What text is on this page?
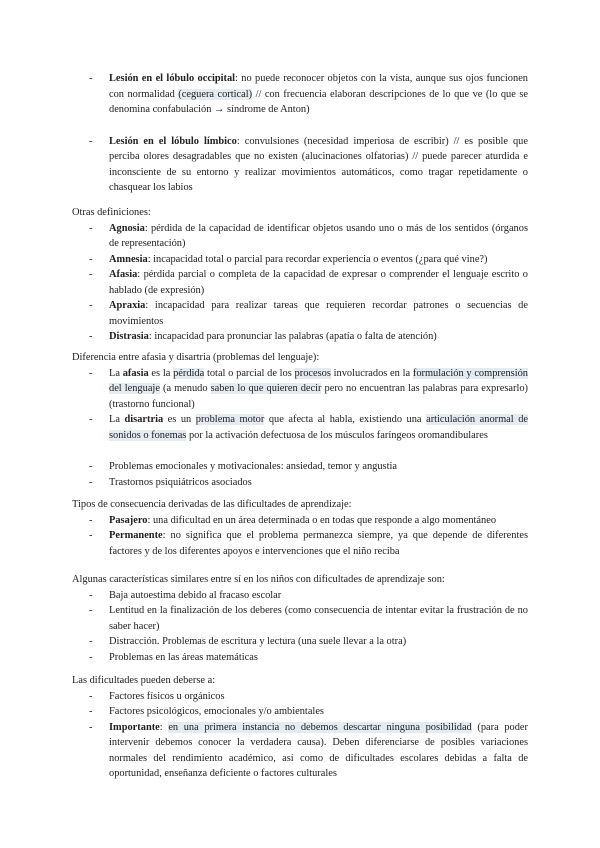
- Lesión en el lóbulo occipital: no puede reconocer objetos con la vista, aunque sus ojos funcionen con normalidad (ceguera cortical) // con frecuencia elaboran descripciones de lo que ve (lo que se denomina confabulación → síndrome de Anton)
- Lesión en el lóbulo límbico: convulsiones (necesidad imperiosa de escribir) // es posible que perciba olores desagradables que no existen (alucinaciones olfatorias) // puede parecer aturdida e inconsciente de su entorno y realizar movimientos automáticos, como tragar repetidamente o chasquear los labios

Otras definiciones:

- Agnosia: pérdida de la capacidad de identificar objetos usando uno o más de los sentidos (órganos de representación)
- Amnesia: incapacidad total o parcial para recordar experiencia o eventos (¿para qué vine?)
- Afasia: pérdida parcial o completa de la capacidad de expresar o comprender el lenguaje escrito o hablado (de expresión)
- Apraxia: incapacidad para realizar tareas que requieren recordar patrones o secuencias de movimientos
- Distrasia: incapacidad para pronunciar las palabras (apatía o falta de atención)

Diferencia entre afasia y disartria (problemas del lenguaje):

- La afasia es la pérdida total o parcial de los procesos involucrados en la formulación y comprensión del lenguaje (a menudo saben lo que quieren decir pero no encuentran las palabras para expresarlo) (trastorno funcional)
- La disartria es un problema motor que afecta al habla, existiendo una articulación anormal de sonidos o fonemas por la activación defectuosa de los músculos faríngeos oromandibulares
- Problemas emocionales y motivacionales: ansiedad, temor y angustia
- Trastornos psiquiátricos asociados

Tipos de consecuencia derivadas de las dificultades de aprendizaje:

- Pasajero: una dificultad en un área determinada o en todas que responde a algo momentáneo
- Permanente: no significa que el problema permanezca siempre, ya que depende de diferentes factores y de los diferentes apoyos e intervenciones que el niño reciba

Algunas características similares entre sí en los niños con dificultades de aprendizaje son:

- Baja autoestima debido al fracaso escolar
- Lentitud en la finalización de los deberes (como consecuencia de intentar evitar la frustración de no saber hacer)
- Distracción. Problemas de escritura y lectura (una suele llevar a la otra)
- Problemas en las áreas matemáticas

Las dificultades pueden deberse a:

- Factores físicos u orgánicos
- Factores psicológicos, emocionales y/o ambientales
- Importante: en una primera instancia no debemos descartar ninguna posibilidad (para poder intervenir debemos conocer la verdadera causa). Deben diferenciarse de posibles variaciones normales del rendimiento académico, así como de dificultades escolares debidas a falta de oportunidad, enseñanza deficiente o factores culturales
